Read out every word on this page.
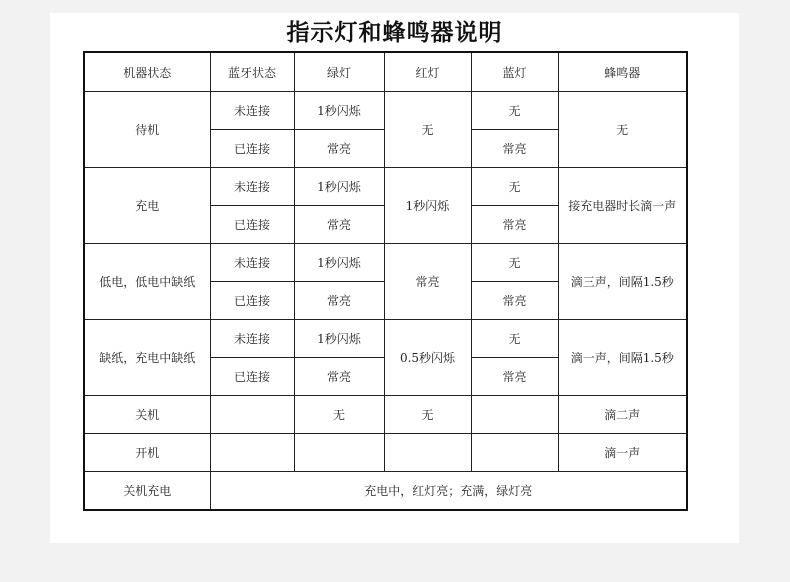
指示灯和蜂鸣器说明
机器状态	蓝牙状态	绿灯	红灯	蓝灯	蜂鸣器
待机	未连接	1秒闪烁	无	无	无
	已连接	常亮		常亮	
充电	未连接	1秒闪烁	1秒闪烁	无	接充电器时长滴一声
	已连接	常亮		常亮	
低电，低电中缺纸	未连接	1秒闪烁	常亮	无	滴三声，间隔1.5秒
	已连接	常亮		常亮	
缺纸，充电中缺纸	未连接	1秒闪烁	0.5秒闪烁	无	滴一声，间隔1.5秒
	已连接	常亮		常亮	
关机		无	无		滴二声
开机					滴一声
关机充电	充电中，红灯亮；充满，绿灯亮				
